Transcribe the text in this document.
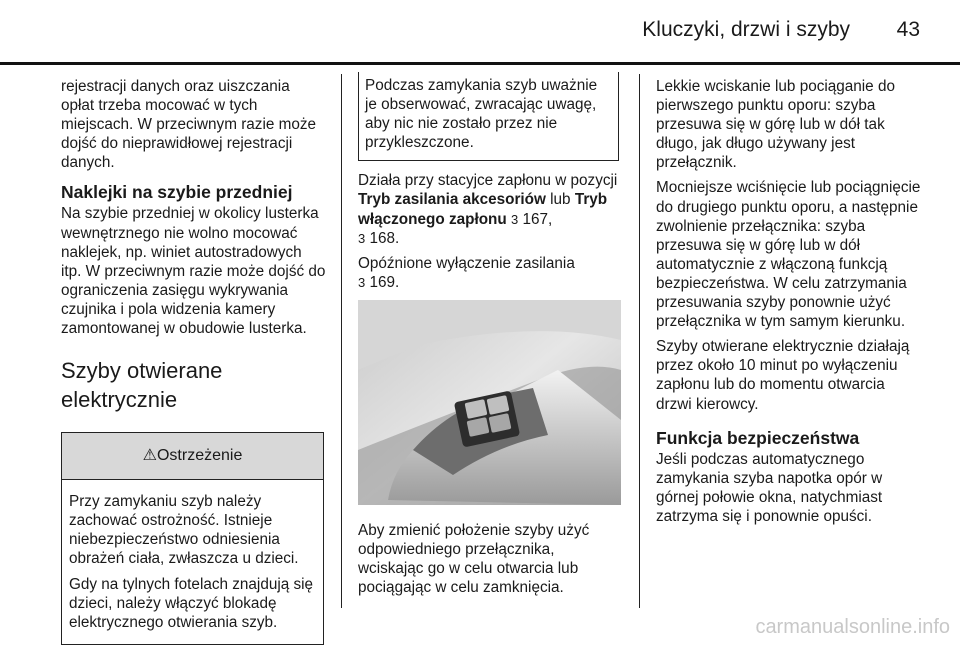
Kluczyki, drzwi i szyby	43

rejestracji danych oraz uiszczania opłat trzeba mocować w tych miejscach. W przeciwnym razie może dojść do nieprawidłowej rejestracji danych.

Naklejki na szybie przedniej

Na szybie przedniej w okolicy lusterka wewnętrznego nie wolno mocować naklejek, np. winiet autostradowych itp. W przeciwnym razie może dojść do ograniczenia zasięgu wykrywania czujnika i pola widzenia kamery zamontowanej w obudowie lusterka.

Szyby otwierane elektrycznie
⚠Ostrzeżenie

Przy zamykaniu szyb należy zachować ostrożność. Istnieje niebezpieczeństwo odniesienia obrażeń ciała, zwłaszcza u dzieci.

Gdy na tylnych fotelach znajdują się dzieci, należy włączyć blokadę elektrycznego otwierania szyb.

Podczas zamykania szyb uważnie je obserwować, zwracając uwagę, aby nic nie zostało przez nie przykleszczone.

Działa przy stacyjce zapłonu w pozycji Tryb zasilania akcesoriów lub Tryb włączonego zapłonu 3 167,
3 168.

Opóźnione wyłączenie zasilania
3 169.

Aby zmienić położenie szyby użyć odpowiedniego przełącznika, wciskając go w celu otwarcia lub pociągając w celu zamknięcia.

Lekkie wciskanie lub pociąganie do pierwszego punktu oporu: szyba przesuwa się w górę lub w dół tak długo, jak długo używany jest przełącznik.

Mocniejsze wciśnięcie lub pociągnięcie do drugiego punktu oporu, a następnie zwolnienie przełącznika: szyba przesuwa się w górę lub w dół automatycznie z włączoną funkcją bezpieczeństwa. W celu zatrzymania przesuwania szyby ponownie użyć przełącznika w tym samym kierunku.

Szyby otwierane elektrycznie działają przez około 10 minut po wyłączeniu zapłonu lub do momentu otwarcia drzwi kierowcy.

Funkcja bezpieczeństwa

Jeśli podczas automatycznego zamykania szyba napotka opór w górnej połowie okna, natychmiast zatrzyma się i ponownie opuści.

carmanualsonline.info
